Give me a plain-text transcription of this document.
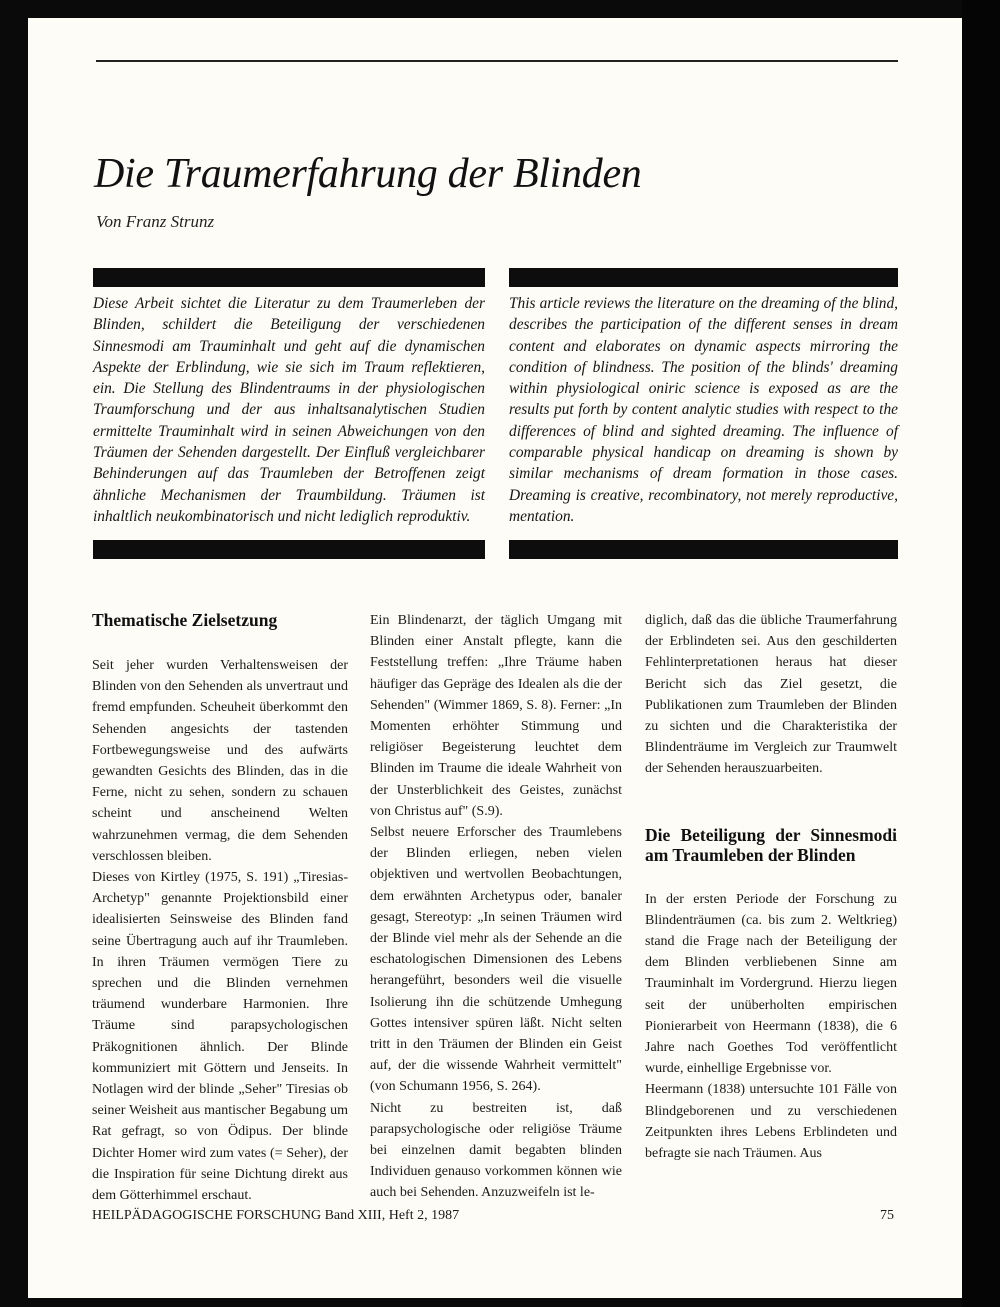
Die Traumerfahrung der Blinden

Von Franz Strunz

Diese Arbeit sichtet die Literatur zu dem Traumerleben der Blinden, schildert die Beteiligung der verschiedenen Sinnesmodi am Trauminhalt und geht auf die dynamischen Aspekte der Erblindung, wie sie sich im Traum reflektieren, ein. Die Stellung des Blindentraums in der physiologischen Traumforschung und der aus inhaltsanalytischen Studien ermittelte Trauminhalt wird in seinen Abweichungen von den Träumen der Sehenden dargestellt. Der Einfluß vergleichbarer Behinderungen auf das Traumleben der Betroffenen zeigt ähnliche Mechanismen der Traumbildung. Träumen ist inhaltlich neukombinatorisch und nicht lediglich reproduktiv.

This article reviews the literature on the dreaming of the blind, describes the participation of the different senses in dream content and elaborates on dynamic aspects mirroring the condition of blindness. The position of the blinds' dreaming within physiological oniric science is exposed as are the results put forth by content analytic studies with respect to the differences of blind and sighted dreaming. The influence of comparable physical handicap on dreaming is shown by similar mechanisms of dream formation in those cases. Dreaming is creative, recombinatory, not merely reproductive, mentation.

Thematische Zielsetzung

Seit jeher wurden Verhaltensweisen der Blinden von den Sehenden als unvertraut und fremd empfunden. Scheuheit überkommt den Sehenden angesichts der tastenden Fortbewegungsweise und des aufwärts gewandten Gesichts des Blinden, das in die Ferne, nicht zu sehen, sondern zu schauen scheint und anscheinend Welten wahrzunehmen vermag, die dem Sehenden verschlossen bleiben.

Dieses von Kirtley (1975, S. 191) „Tiresias-Archetyp" genannte Projektionsbild einer idealisierten Seinsweise des Blinden fand seine Übertragung auch auf ihr Traumleben. In ihren Träumen vermögen Tiere zu sprechen und die Blinden vernehmen träumend wunderbare Harmonien. Ihre Träume sind parapsychologischen Präkognitionen ähnlich. Der Blinde kommuniziert mit Göttern und Jenseits. In Notlagen wird der blinde „Seher" Tiresias ob seiner Weisheit aus mantischer Begabung um Rat gefragt, so von Ödipus. Der blinde Dichter Homer wird zum vates (= Seher), der die Inspiration für seine Dichtung direkt aus dem Götterhimmel erschaut.

Ein Blindenarzt, der täglich Umgang mit Blinden einer Anstalt pflegte, kann die Feststellung treffen: „Ihre Träume haben häufiger das Gepräge des Idealen als die der Sehenden" (Wimmer 1869, S. 8). Ferner: „In Momenten erhöhter Stimmung und religiöser Begeisterung leuchtet dem Blinden im Traume die ideale Wahrheit von der Unsterblichkeit des Geistes, zunächst von Christus auf" (S.9).

Selbst neuere Erforscher des Traumlebens der Blinden erliegen, neben vielen objektiven und wertvollen Beobachtungen, dem erwähnten Archetypus oder, banaler gesagt, Stereotyp: „In seinen Träumen wird der Blinde viel mehr als der Sehende an die eschatologischen Dimensionen des Lebens herangeführt, besonders weil die visuelle Isolierung ihn die schützende Umhegung Gottes intensiver spüren läßt. Nicht selten tritt in den Träumen der Blinden ein Geist auf, der die wissende Wahrheit vermittelt" (von Schumann 1956, S. 264).

Nicht zu bestreiten ist, daß parapsychologische oder religiöse Träume bei einzelnen damit begabten blinden Individuen genauso vorkommen können wie auch bei Sehenden. Anzuzweifeln ist le-

diglich, daß das die übliche Traumerfahrung der Erblindeten sei. Aus den geschilderten Fehlinterpretationen heraus hat dieser Bericht sich das Ziel gesetzt, die Publikationen zum Traumleben der Blinden zu sichten und die Charakteristika der Blindenträume im Vergleich zur Traumwelt der Sehenden herauszuarbeiten.

Die Beteiligung der Sinnesmodi am Traumleben der Blinden

In der ersten Periode der Forschung zu Blindenträumen (ca. bis zum 2. Weltkrieg) stand die Frage nach der Beteiligung der dem Blinden verbliebenen Sinne am Trauminhalt im Vordergrund. Hierzu liegen seit der unüberholten empirischen Pionierarbeit von Heermann (1838), die 6 Jahre nach Goethes Tod veröffentlicht wurde, einhellige Ergebnisse vor.

Heermann (1838) untersuchte 101 Fälle von Blindgeborenen und zu verschiedenen Zeitpunkten ihres Lebens Erblindeten und befragte sie nach Träumen. Aus

HEILPÄDAGOGISCHE FORSCHUNG Band XIII, Heft 2, 1987	75
